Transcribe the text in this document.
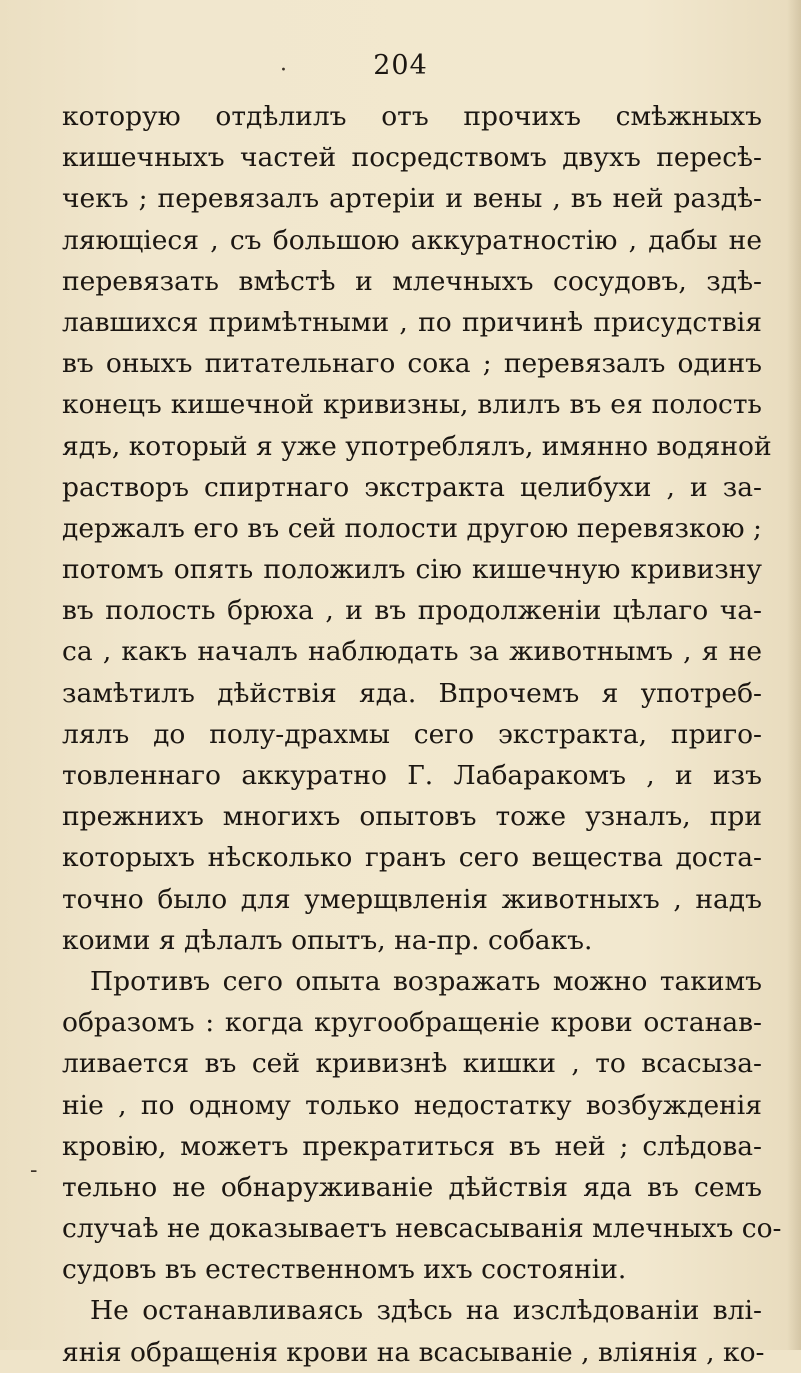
·
-
204
которую отдѣлилъ отъ прочихъ смѣжныхъ
кишечныхъ частей посредствомъ двухъ пересѣ-
чекъ ; перевязалъ артеріи и вены , въ ней раздѣ-
ляющіеся , съ большою аккуратностію , дабы не
перевязать вмѣстѣ и млечныхъ сосудовъ, здѣ-
лавшихся примѣтными , по причинѣ присудствія
въ оныхъ питательнаго сока ; перевязалъ одинъ
конецъ кишечной кривизны, влилъ въ ея полость
ядъ, который я уже употреблялъ, имянно водяной
растворъ спиртнаго экстракта целибухи , и за-
держалъ его въ сей полости другою перевязкою ;
потомъ опять положилъ сію кишечную кривизну
въ полость брюха , и въ продолженіи цѣлаго ча-
са , какъ началъ наблюдать за животнымъ , я не
замѣтилъ дѣйствія яда. Впрочемъ я употреб-
лялъ до полу-драхмы сего экстракта, приго-
товленнаго аккуратно Г. Лабаракомъ , и изъ
прежнихъ многихъ опытовъ тоже узналъ, при
которыхъ нѣсколько гранъ сего вещества доста-
точно было для умерщвленія животныхъ , надъ
коими я дѣлалъ опытъ, на-пр. собакъ.
Противъ сего опыта возражать можно такимъ
образомъ : когда кругообращеніе крови останав-
ливается въ сей кривизнѣ кишки , то всасыза-
ніе , по одному только недостатку возбужденія
кровію, можетъ прекратиться въ ней ; слѣдова-
тельно не обнаруживаніе дѣйствія яда въ семъ
случаѣ не доказываетъ невсасыванія млечныхъ со-
судовъ въ естественномъ ихъ состояніи.
Не останавливаясь здѣсь на изслѣдованіи влі-
янія обращенія крови на всасываніе , вліянія , ко-
